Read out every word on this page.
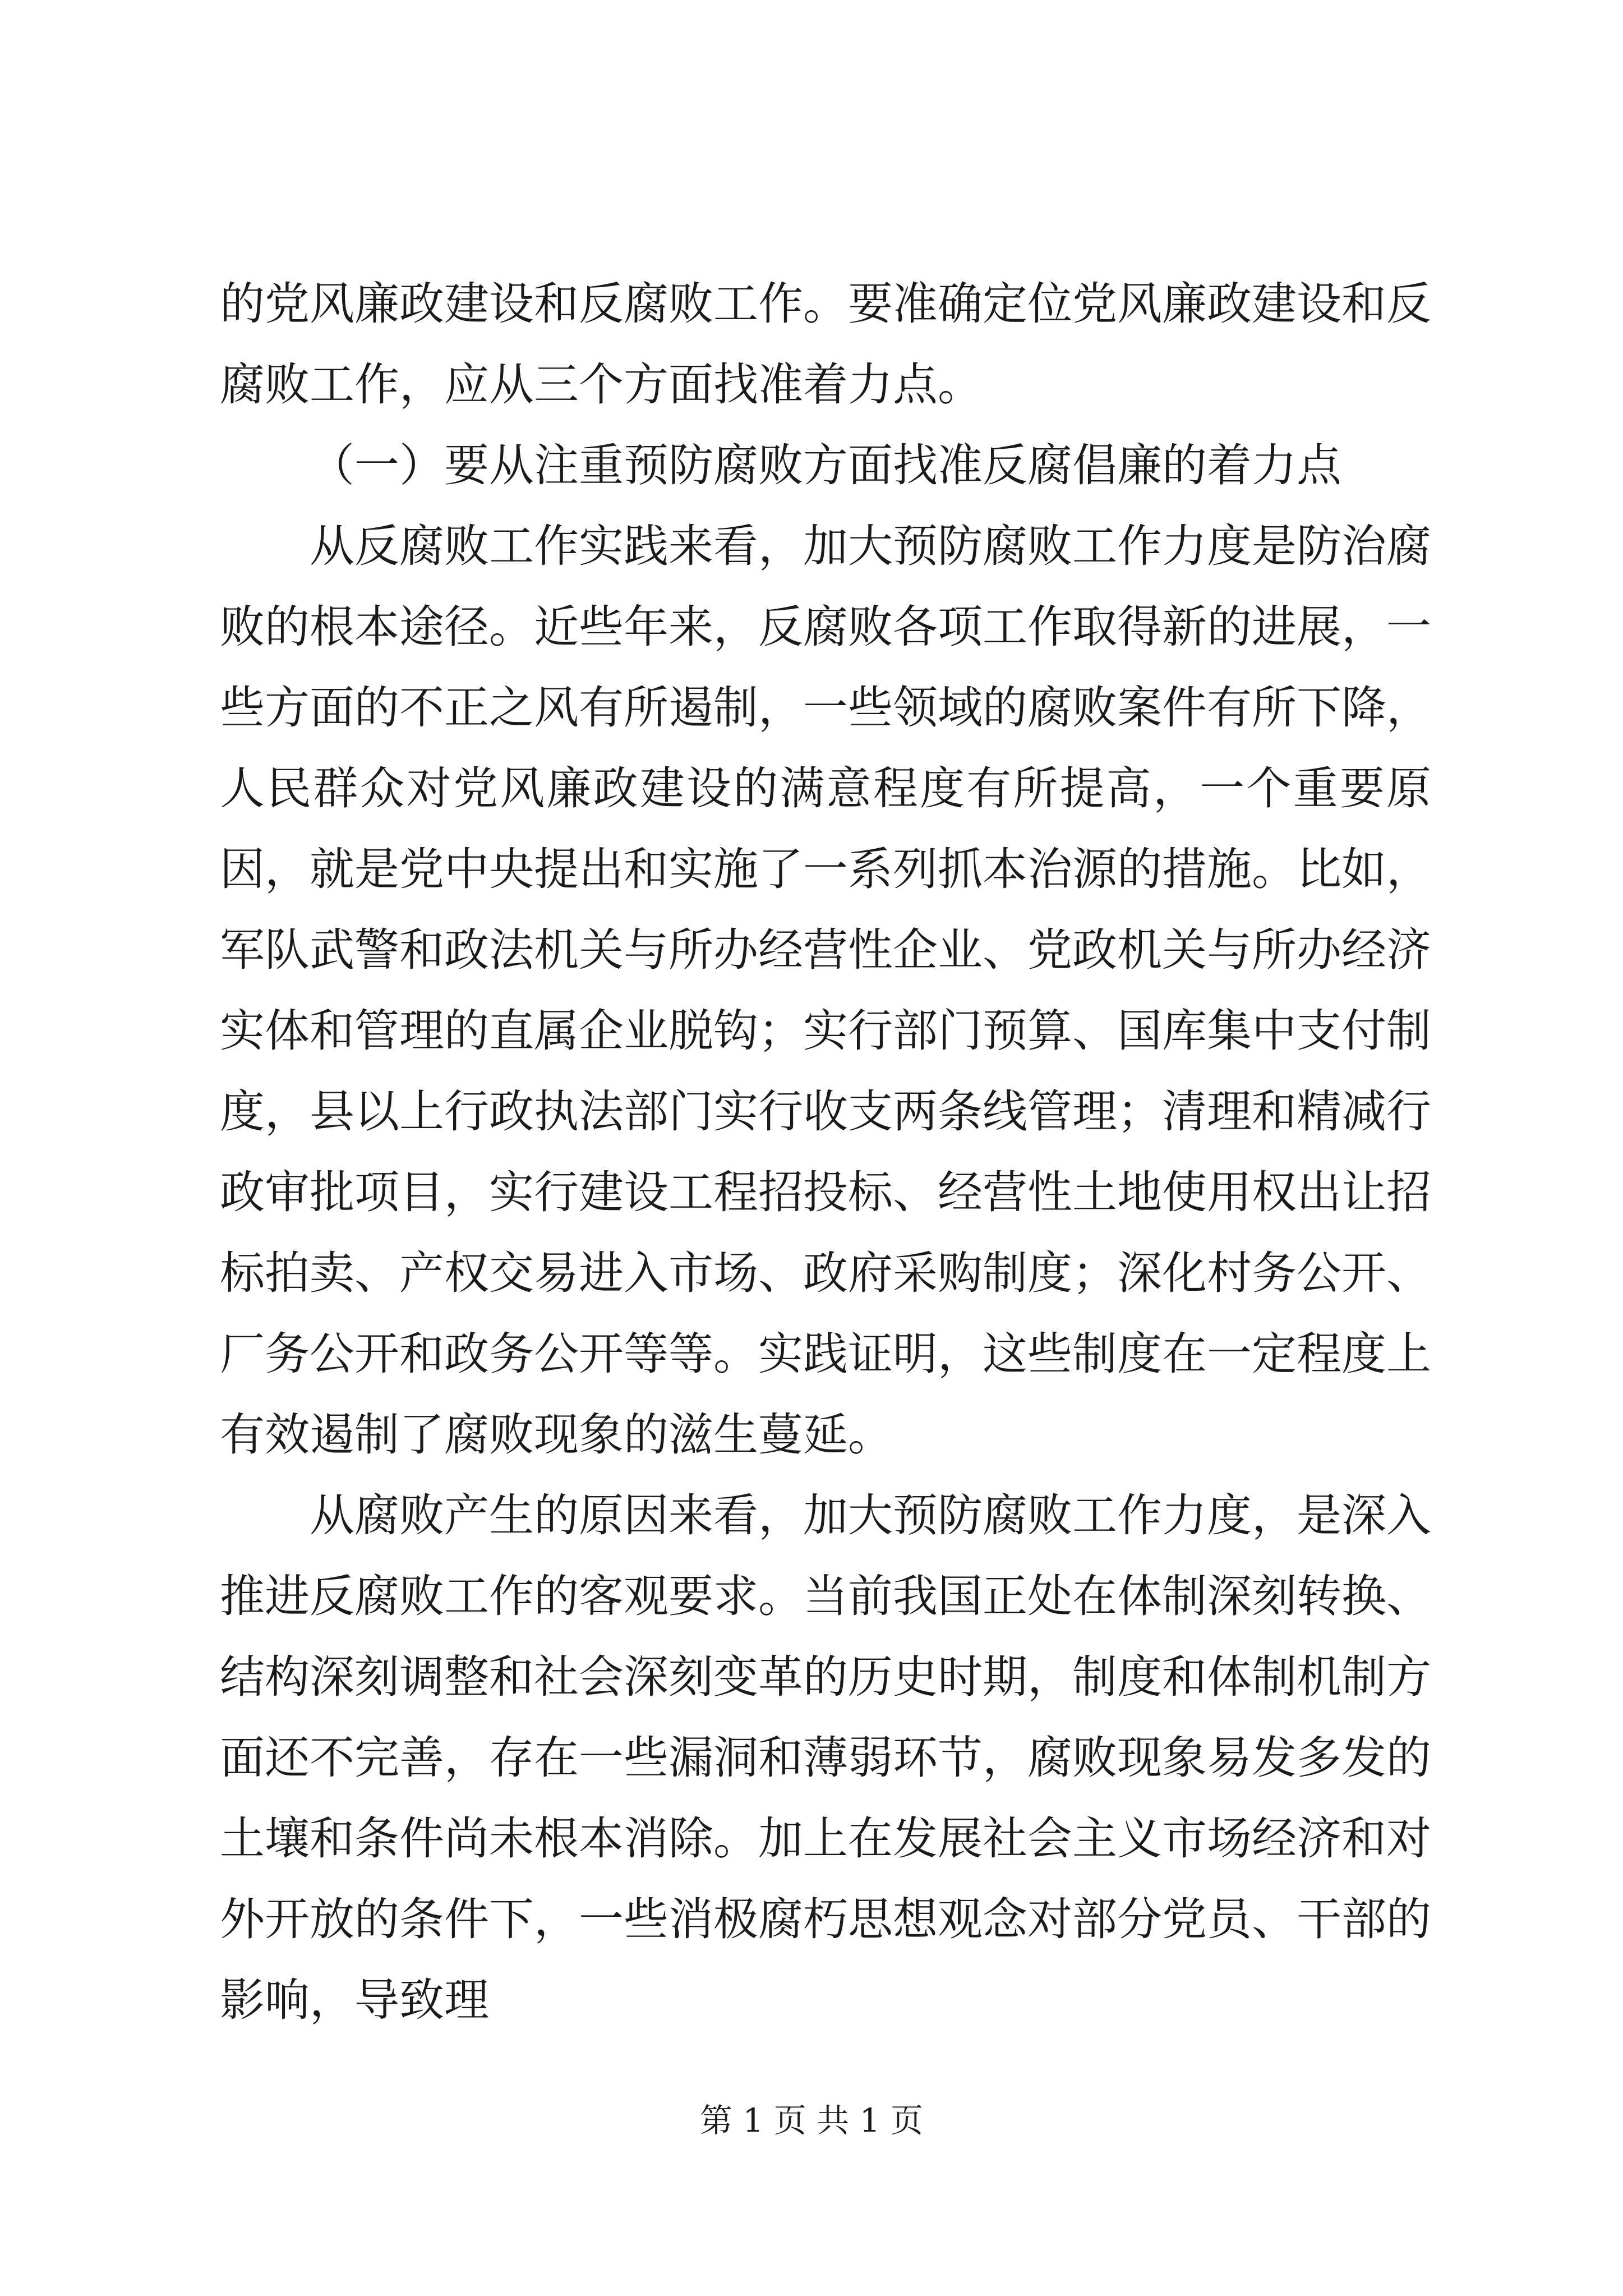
的党风廉政建设和反腐败工作。要准确定位党风廉政建设和反腐败工作，应从三个方面找准着力点。

（一）要从注重预防腐败方面找准反腐倡廉的着力点

从反腐败工作实践来看，加大预防腐败工作力度是防治腐败的根本途径。近些年来，反腐败各项工作取得新的进展，一些方面的不正之风有所遏制，一些领域的腐败案件有所下降，人民群众对党风廉政建设的满意程度有所提高，一个重要原因，就是党中央提出和实施了一系列抓本治源的措施。比如，军队武警和政法机关与所办经营性企业、党政机关与所办经济实体和管理的直属企业脱钩；实行部门预算、国库集中支付制度，县以上行政执法部门实行收支两条线管理；清理和精减行政审批项目，实行建设工程招投标、经营性土地使用权出让招标拍卖、产权交易进入市场、政府采购制度；深化村务公开、厂务公开和政务公开等等。实践证明，这些制度在一定程度上有效遏制了腐败现象的滋生蔓延。

从腐败产生的原因来看，加大预防腐败工作力度，是深入推进反腐败工作的客观要求。当前我国正处在体制深刻转换、结构深刻调整和社会深刻变革的历史时期，制度和体制机制方面还不完善，存在一些漏洞和薄弱环节，腐败现象易发多发的土壤和条件尚未根本消除。加上在发展社会主义市场经济和对外开放的条件下，一些消极腐朽思想观念对部分党员、干部的影响，导致理

第 1 页 共 1 页
